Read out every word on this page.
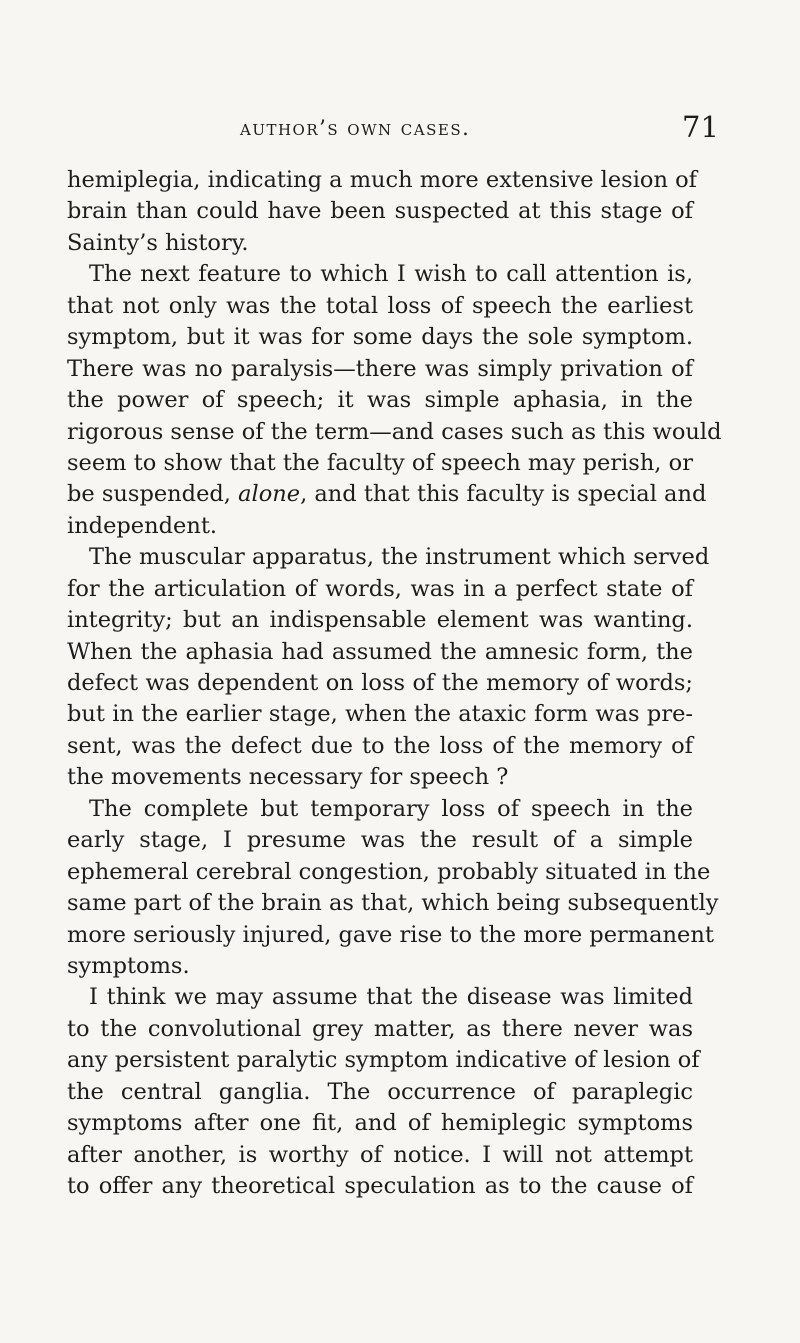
author’s own cases.	71
hemiplegia, indicating a much more extensive lesion of
brain than could have been suspected at this stage of
Sainty’s history.
The next feature to which I wish to call attention is,
that not only was the total loss of speech the earliest
symptom, but it was for some days the sole symptom.
There was no paralysis—there was simply privation of
the power of speech; it was simple aphasia, in the
rigorous sense of the term—and cases such as this would
seem to show that the faculty of speech may perish, or
be suspended, alone, and that this faculty is special and
independent.
The muscular apparatus, the instrument which served
for the articulation of words, was in a perfect state of
integrity; but an indispensable element was wanting.
When the aphasia had assumed the amnesic form, the
defect was dependent on loss of the memory of words;
but in the earlier stage, when the ataxic form was pre-
sent, was the defect due to the loss of the memory of
the movements necessary for speech ?
The complete but temporary loss of speech in the
early stage, I presume was the result of a simple
ephemeral cerebral congestion, probably situated in the
same part of the brain as that, which being subsequently
more seriously injured, gave rise to the more permanent
symptoms.
I think we may assume that the disease was limited
to the convolutional grey matter, as there never was
any persistent paralytic symptom indicative of lesion of
the central ganglia. The occurrence of paraplegic
symptoms after one fit, and of hemiplegic symptoms
after another, is worthy of notice. I will not attempt
to offer any theoretical speculation as to the cause of
